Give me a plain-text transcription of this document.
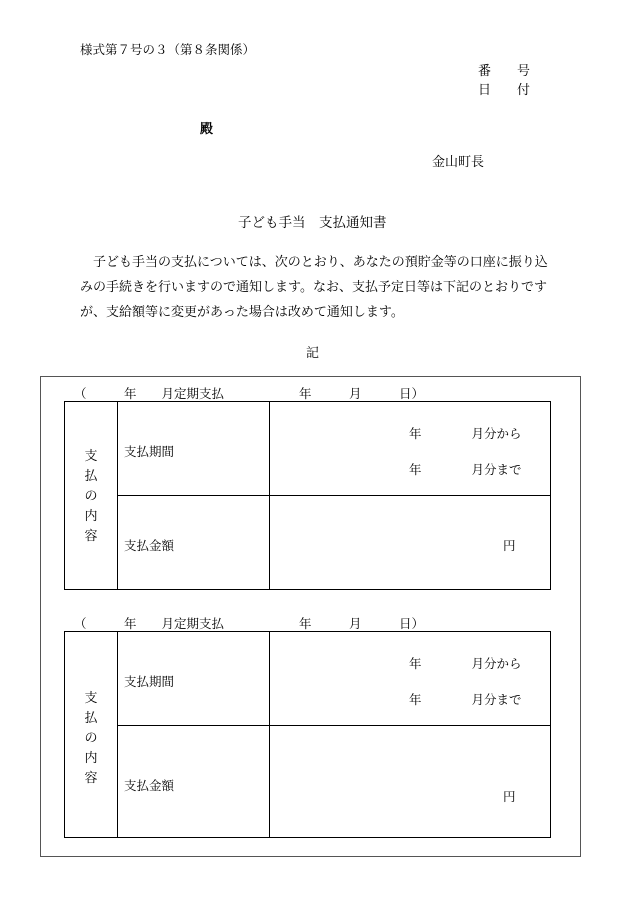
様式第７号の３（第８条関係）
番　　号
日　　付
殿
金山町長
子ども手当　支払通知書
子ども手当の支払については、次のとおり、あなたの預貯金等の口座に振り込みの手続きを行いますので通知します。なお、支払予定日等は下記のとおりですが、支給額等に変更があった場合は改めて通知します。
記
（　　　年　　月定期支払　　　　　　年　　　月　　　日）
支
払
の
内
容
支払期間
年　　　　月分から
年　　　　月分まで
支払金額	円
（　　　年　　月定期支払　　　　　　年　　　月　　　日）
支
払
の
内
容
支払期間
年　　　　月分から
年　　　　月分まで
支払金額
円
